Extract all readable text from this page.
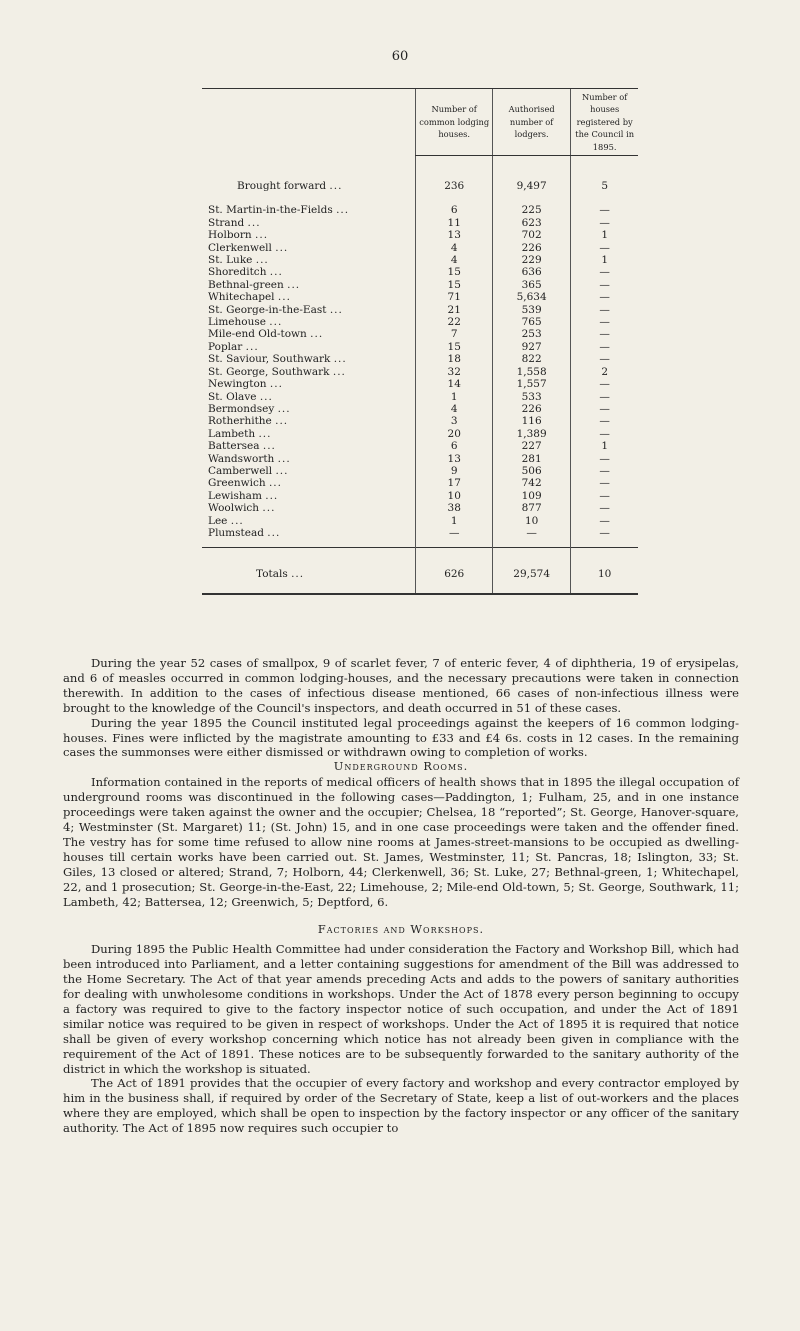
60
	Number of common lodging houses.	Authorised number of lodgers.	Number of houses registered by the Council in 1895.
Brought forward ...	236	9,497	5
St. Martin-in-the-Fields ...	6	225	—
Strand ...	11	623	—
Holborn ...	13	702	1
Clerkenwell ...	4	226	—
St. Luke ...	4	229	1
Shoreditch ...	15	636	—
Bethnal-green ...	15	365	—
Whitechapel ...	71	5,634	—
St. George-in-the-East ...	21	539	—
Limehouse ...	22	765	—
Mile-end Old-town ...	7	253	—
Poplar ...	15	927	—
St. Saviour, Southwark ...	18	822	—
St. George, Southwark ...	32	1,558	2
Newington ...	14	1,557	—
St. Olave ...	1	533	—
Bermondsey ...	4	226	—
Rotherhithe ...	3	116	—
Lambeth ...	20	1,389	—
Battersea ...	6	227	1
Wandsworth ...	13	281	—
Camberwell ...	9	506	—
Greenwich ...	17	742	—
Lewisham ...	10	109	—
Woolwich ...	38	877	—
Lee ...	1	10	—
Plumstead ...	—	—	—

Totals ...	626	29,574	10

During the year 52 cases of smallpox, 9 of scarlet fever, 7 of enteric fever, 4 of diphtheria, 19 of erysipelas, and 6 of measles occurred in common lodging-houses, and the necessary precautions were taken in connection therewith. In addition to the cases of infectious disease mentioned, 66 cases of non-infectious illness were brought to the knowledge of the Council's inspectors, and death occurred in 51 of these cases.

During the year 1895 the Council instituted legal proceedings against the keepers of 16 common lodging-houses. Fines were inflicted by the magistrate amounting to £33 and £4 6s. costs in 12 cases. In the remaining cases the summonses were either dismissed or withdrawn owing to completion of works.

Underground Rooms.

Information contained in the reports of medical officers of health shows that in 1895 the illegal occupation of underground rooms was discontinued in the following cases—Paddington, 1; Fulham, 25, and in one instance proceedings were taken against the owner and the occupier; Chelsea, 18 “reported”; St. George, Hanover-square, 4; Westminster (St. Margaret) 11; (St. John) 15, and in one case proceedings were taken and the offender fined. The vestry has for some time refused to allow nine rooms at James-street-mansions to be occupied as dwelling-houses till certain works have been carried out. St. James, Westminster, 11; St. Pancras, 18; Islington, 33; St. Giles, 13 closed or altered; Strand, 7; Holborn, 44; Clerkenwell, 36; St. Luke, 27; Bethnal-green, 1; Whitechapel, 22, and 1 prosecution; St. George-in-the-East, 22; Limehouse, 2; Mile-end Old-town, 5; St. George, Southwark, 11; Lambeth, 42; Battersea, 12; Greenwich, 5; Deptford, 6.

Factories and Workshops.

During 1895 the Public Health Committee had under consideration the Factory and Workshop Bill, which had been introduced into Parliament, and a letter containing suggestions for amendment of the Bill was addressed to the Home Secretary. The Act of that year amends preceding Acts and adds to the powers of sanitary authorities for dealing with unwholesome conditions in workshops. Under the Act of 1878 every person beginning to occupy a factory was required to give to the factory inspector notice of such occupation, and under the Act of 1891 similar notice was required to be given in respect of workshops. Under the Act of 1895 it is required that notice shall be given of every workshop concerning which notice has not already been given in compliance with the requirement of the Act of 1891. These notices are to be subsequently forwarded to the sanitary authority of the district in which the workshop is situated.

The Act of 1891 provides that the occupier of every factory and workshop and every contractor employed by him in the business shall, if required by order of the Secretary of State, keep a list of out-workers and the places where they are employed, which shall be open to inspection by the factory inspector or any officer of the sanitary authority. The Act of 1895 now requires such occupier to
